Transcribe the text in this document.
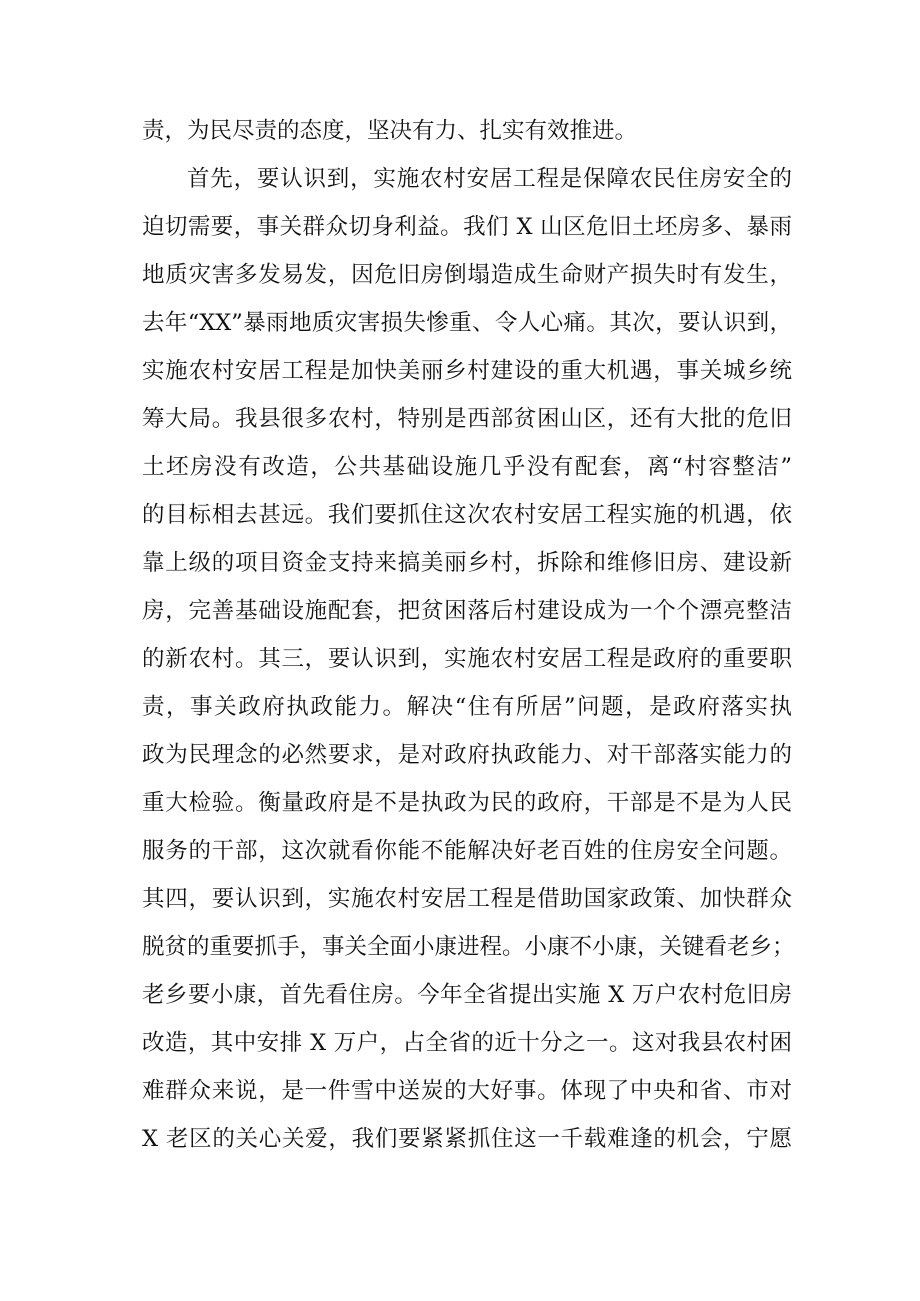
责，为民尽责的态度，坚决有力、扎实有效推进。
首先，要认识到，实施农村安居工程是保障农民住房安全的
迫切需要，事关群众切身利益。我们 X 山区危旧土坯房多、暴雨
地质灾害多发易发，因危旧房倒塌造成生命财产损失时有发生，
去年“XX”暴雨地质灾害损失惨重、令人心痛。其次，要认识到，
实施农村安居工程是加快美丽乡村建设的重大机遇，事关城乡统
筹大局。我县很多农村，特别是西部贫困山区，还有大批的危旧
土坯房没有改造，公共基础设施几乎没有配套，离“村容整洁”
的目标相去甚远。我们要抓住这次农村安居工程实施的机遇，依
靠上级的项目资金支持来搞美丽乡村，拆除和维修旧房、建设新
房，完善基础设施配套，把贫困落后村建设成为一个个漂亮整洁
的新农村。其三，要认识到，实施农村安居工程是政府的重要职
责，事关政府执政能力。解决“住有所居”问题，是政府落实执
政为民理念的必然要求，是对政府执政能力、对干部落实能力的
重大检验。衡量政府是不是执政为民的政府，干部是不是为人民
服务的干部，这次就看你能不能解决好老百姓的住房安全问题。
其四，要认识到，实施农村安居工程是借助国家政策、加快群众
脱贫的重要抓手，事关全面小康进程。小康不小康，关键看老乡；
老乡要小康，首先看住房。今年全省提出实施 X 万户农村危旧房
改造，其中安排 X 万户，占全省的近十分之一。这对我县农村困
难群众来说，是一件雪中送炭的大好事。体现了中央和省、市对
X 老区的关心关爱，我们要紧紧抓住这一千载难逢的机会，宁愿
